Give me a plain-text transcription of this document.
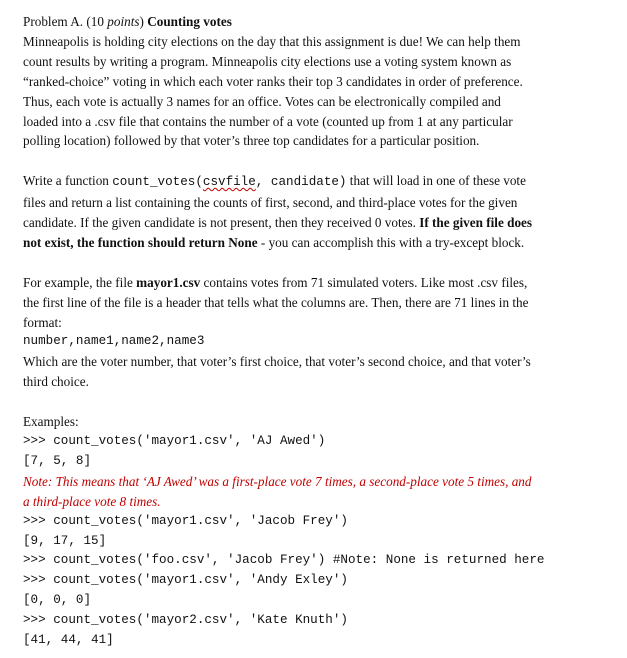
Problem A. (10 points) Counting votes

Minneapolis is holding city elections on the day that this assignment is due! We can help them

count results by writing a program. Minneapolis city elections use a voting system known as

“ranked-choice” voting in which each voter ranks their top 3 candidates in order of preference.

Thus, each vote is actually 3 names for an office. Votes can be electronically compiled and

loaded into a .csv file that contains the number of a vote (counted up from 1 at any particular

polling location) followed by that voter’s three top candidates for a particular position.

Write a function count_votes(csvfile, candidate) that will load in one of these vote

files and return a list containing the counts of first, second, and third-place votes for the given

candidate. If the given candidate is not present, then they received 0 votes. If the given file does

not exist, the function should return None - you can accomplish this with a try-except block.

For example, the file mayor1.csv contains votes from 71 simulated voters. Like most .csv files,

the first line of the file is a header that tells what the columns are. Then, there are 71 lines in the

format:

number,name1,name2,name3

Which are the voter number, that voter’s first choice, that voter’s second choice, and that voter’s

third choice.

Examples:

>>> count_votes('mayor1.csv', 'AJ Awed')

[7, 5, 8]

Note: This means that ‘AJ Awed’ was a first-place vote 7 times, a second-place vote 5 times, and

a third-place vote 8 times.

>>> count_votes('mayor1.csv', 'Jacob Frey')

[9, 17, 15]

>>> count_votes('foo.csv', 'Jacob Frey') #Note: None is returned here

>>> count_votes('mayor1.csv', 'Andy Exley')

[0, 0, 0]

>>> count_votes('mayor2.csv', 'Kate Knuth')

[41, 44, 41]
